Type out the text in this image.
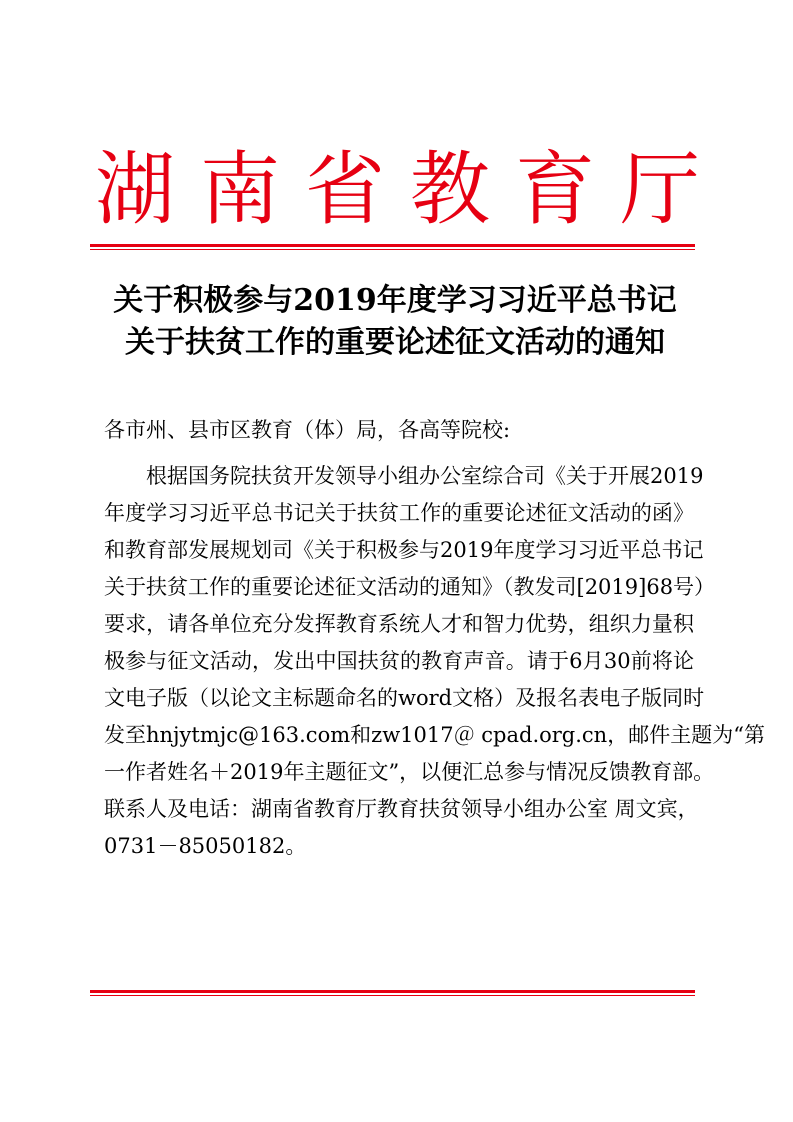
湖 南 省 教 育 厅
关于积极参与2019年度学习习近平总书记
关于扶贫工作的重要论述征文活动的通知
各市州、县市区教育（体）局，各高等院校:
根据国务院扶贫开发领导小组办公室综合司《关于开展2019
年度学习习近平总书记关于扶贫工作的重要论述征文活动的函》
和教育部发展规划司《关于积极参与2019年度学习习近平总书记
关于扶贫工作的重要论述征文活动的通知》（教发司[2019]68号）
要求，请各单位充分发挥教育系统人才和智力优势，组织力量积
极参与征文活动，发出中国扶贫的教育声音。请于6月30前将论
文电子版（以论文主标题命名的word文格）及报名表电子版同时
发至hnjytmjc@163.com和zw1017＠ cpad.org.cn，邮件主题为“第
一作者姓名＋2019年主题征文”，以便汇总参与情况反馈教育部。
联系人及电话：湖南省教育厅教育扶贫领导小组办公室 周文宾，
0731－85050182。
